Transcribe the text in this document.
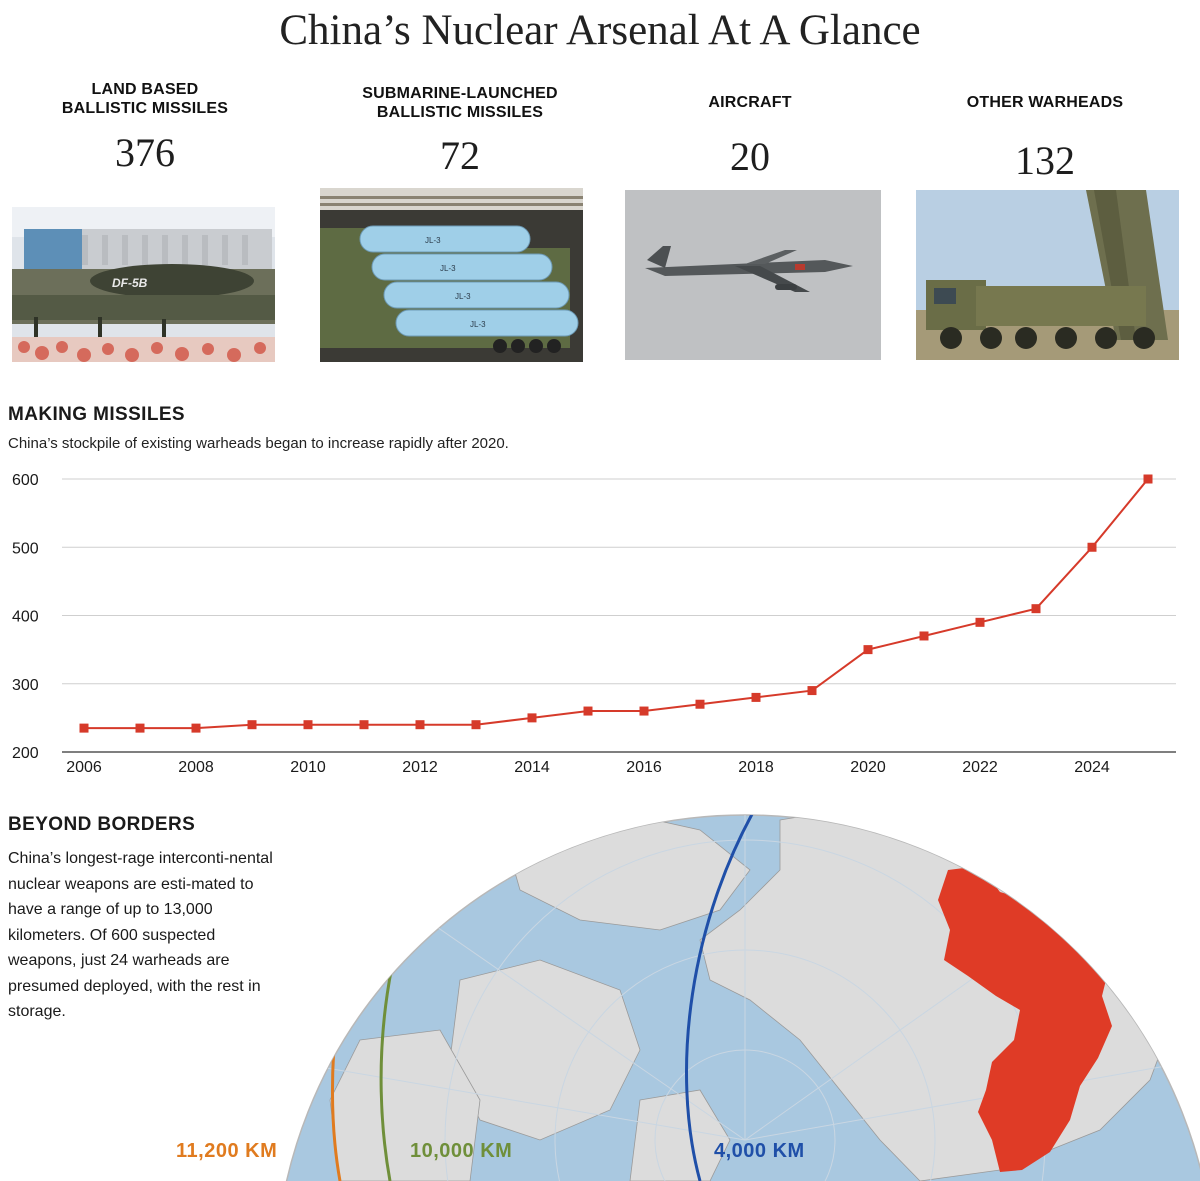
China’s Nuclear Arsenal At A Glance
LAND BASED
BALLISTIC MISSILES
376
SUBMARINE-LAUNCHED
BALLISTIC MISSILES
72
AIRCRAFT
20
OTHER WARHEADS
132
DF-5B
JL-3
JL-3
JL-3
JL-3
MAKING MISSILES
China’s stockpile of existing warheads began to increase rapidly after 2020.
200
300
400
500
600
2006	2008	2010	2012	2014	2016	2018	2020	2022	2024
BEYOND BORDERS
China’s longest-rage interconti-nental nuclear weapons are esti-mated to have a range of up to 13,000 kilometers. Of 600 suspected weapons, just 24 warheads are presumed deployed, with the rest in storage.
11,200 KM	10,000 KM	4,000 KM
